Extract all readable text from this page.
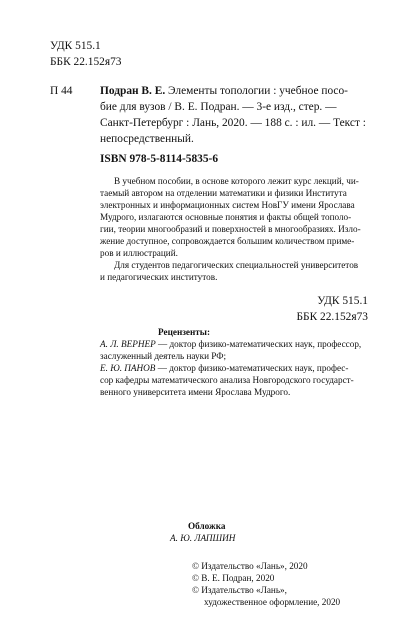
УДК 515.1
ББК 22.152я73
П 44 Подран В. Е. Элементы топологии : учебное посо-
бие для вузов / В. Е. Подран. — 3-е изд., стер. —
Санкт-Петербург : Лань, 2020. — 188 с. : ил. — Текст :
непосредственный.
ISBN 978-5-8114-5835-6
В учебном пособии, в основе которого лежит курс лекций, чи-
таемый автором на отделении математики и физики Института
электронных и информационных систем НовГУ имени Ярослава
Мудрого, излагаются основные понятия и факты общей тополо-
гии, теории многообразий и поверхностей в многообразиях. Изло-
жение доступное, сопровождается большим количеством приме-
ров и иллюстраций.
Для студентов педагогических специальностей университетов
и педагогических институтов.
УДК 515.1
ББК 22.152я73
Рецензенты:
А. Л. ВЕРНЕР — доктор физико-математических наук, профессор,
заслуженный деятель науки РФ;
Е. Ю. ПАНОВ — доктор физико-математических наук, профес-
сор кафедры математического анализа Новгородского государст-
венного университета имени Ярослава Мудрого.
Обложка
А. Ю. ЛАПШИН
© Издательство «Лань», 2020
© В. Е. Подран, 2020
© Издательство «Лань»,
художественное оформление, 2020
